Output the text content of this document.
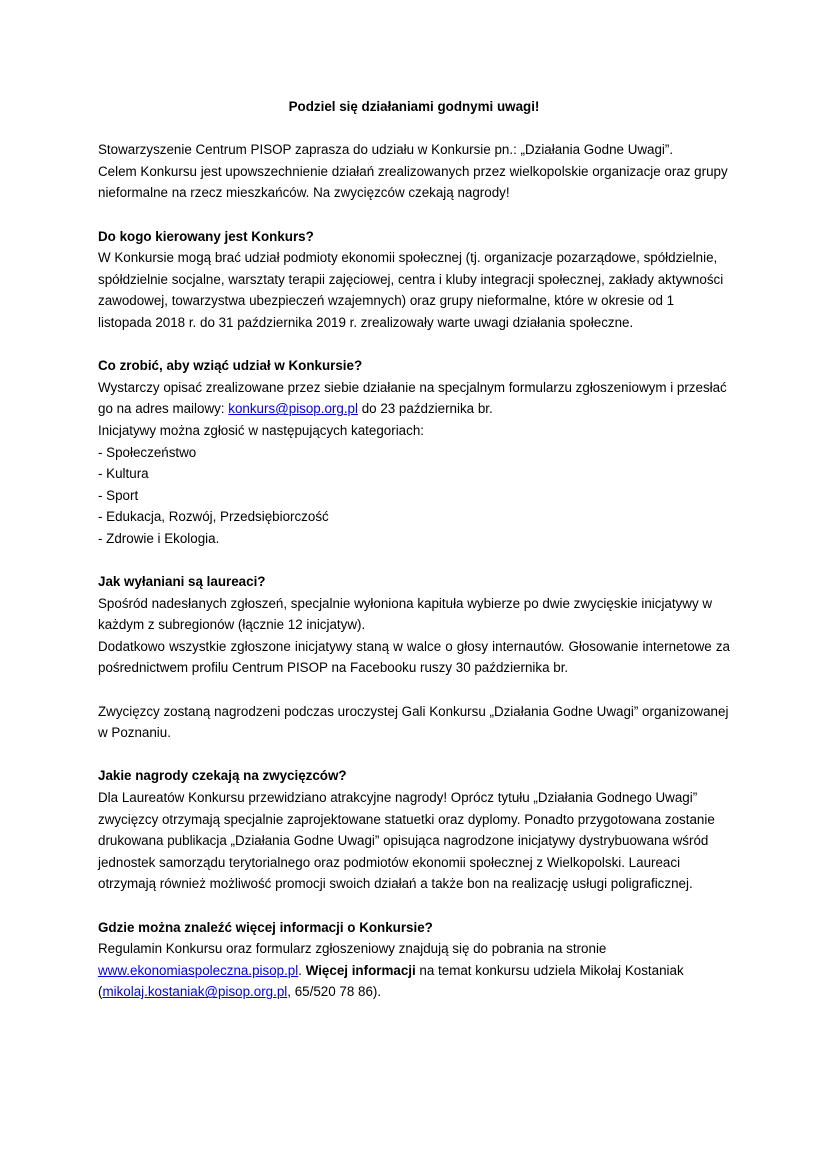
Podziel się działaniami godnymi uwagi!

Stowarzyszenie Centrum PISOP zaprasza do udziału w Konkursie pn.: „Działania Godne Uwagi”.

Celem Konkursu jest upowszechnienie działań zrealizowanych przez wielkopolskie organizacje oraz grupy nieformalne na rzecz mieszkańców. Na zwycięzców czekają nagrody!

Do kogo kierowany jest Konkurs?

W Konkursie mogą brać udział podmioty ekonomii społecznej (tj. organizacje pozarządowe, spółdzielnie, spółdzielnie socjalne, warsztaty terapii zajęciowej, centra i kluby integracji społecznej, zakłady aktywności zawodowej, towarzystwa ubezpieczeń wzajemnych) oraz grupy nieformalne, które w okresie od 1 listopada 2018 r. do 31 października 2019 r. zrealizowały warte uwagi działania społeczne.

Co zrobić, aby wziąć udział w Konkursie?

Wystarczy opisać zrealizowane przez siebie działanie na specjalnym formularzu zgłoszeniowym i przesłać go na adres mailowy: konkurs@pisop.org.pl do 23 października br.

Inicjatywy można zgłosić w następujących kategoriach:

- Społeczeństwo
- Kultura
- Sport
- Edukacja, Rozwój, Przedsiębiorczość
- Zdrowie i Ekologia.
Jak wyłaniani są laureaci?

Spośród nadesłanych zgłoszeń, specjalnie wyłoniona kapituła wybierze po dwie zwycięskie inicjatywy w każdym z subregionów (łącznie 12 inicjatyw).

Dodatkowo wszystkie zgłoszone inicjatywy staną w walce o głosy internautów. Głosowanie internetowe za pośrednictwem profilu Centrum PISOP na Facebooku ruszy 30 października br.

Zwycięzcy zostaną nagrodzeni podczas uroczystej Gali Konkursu „Działania Godne Uwagi” organizowanej w Poznaniu.

Jakie nagrody czekają na zwycięzców?

Dla Laureatów Konkursu przewidziano atrakcyjne nagrody! Oprócz tytułu „Działania Godnego Uwagi” zwycięzcy otrzymają specjalnie zaprojektowane statuetki oraz dyplomy. Ponadto przygotowana zostanie drukowana publikacja „Działania Godne Uwagi” opisująca nagrodzone inicjatywy dystrybuowana wśród jednostek samorządu terytorialnego oraz podmiotów ekonomii społecznej z Wielkopolski. Laureaci otrzymają również możliwość promocji swoich działań a także bon na realizację usługi poligraficznej.

Gdzie można znaleźć więcej informacji o Konkursie?

Regulamin Konkursu oraz formularz zgłoszeniowy znajdują się do pobrania na stronie www.ekonomiaspoleczna.pisop.pl. Więcej informacji na temat konkursu udziela Mikołaj Kostaniak (mikolaj.kostaniak@pisop.org.pl, 65/520 78 86).
